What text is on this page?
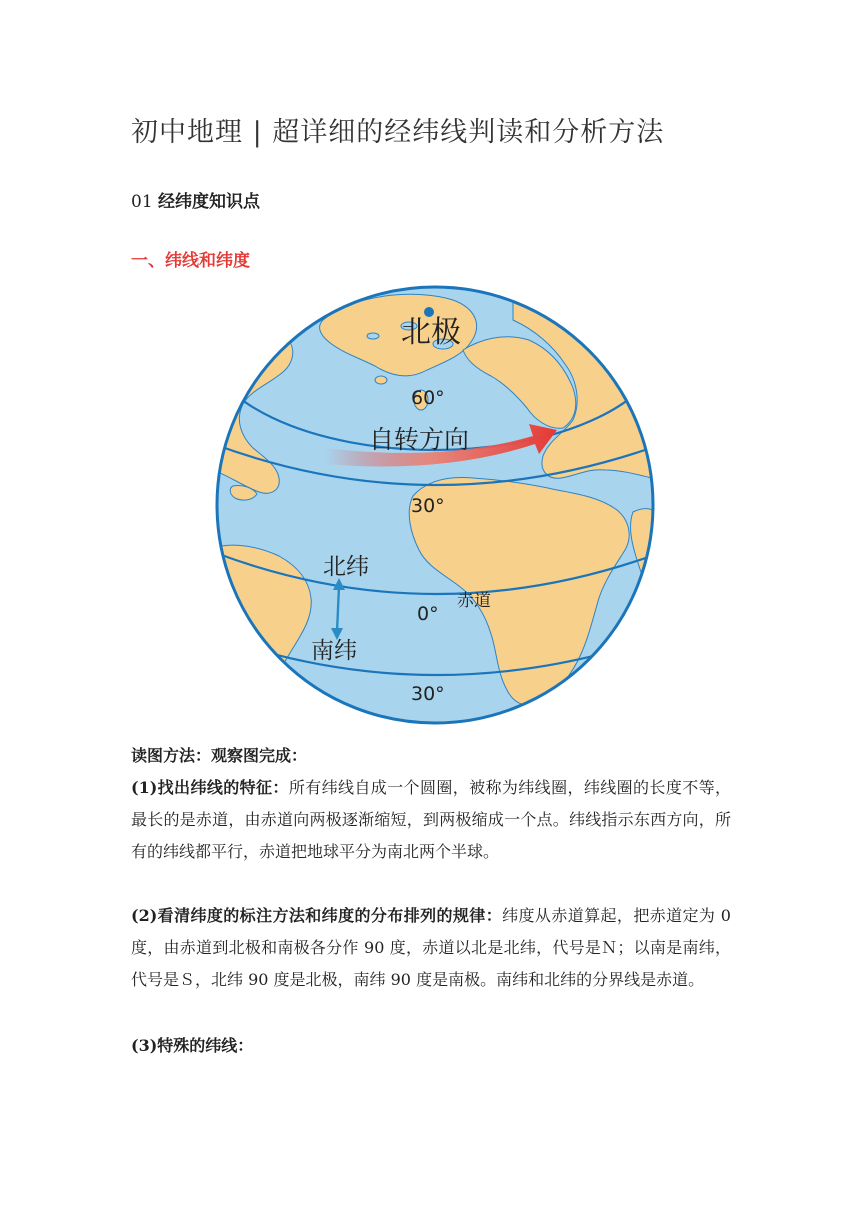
初中地理 | 超详细的经纬线判读和分析方法
01 经纬度知识点
一、纬线和纬度
北极
60°
自转方向
30°
北纬
0°
赤道
南纬
30°
读图方法：观察图完成：
(1)找出纬线的特征：所有纬线自成一个圆圈，被称为纬线圈，纬线圈的长度不等，最长的是赤道，由赤道向两极逐渐缩短，到两极缩成一个点。纬线指示东西方向，所有的纬线都平行，赤道把地球平分为南北两个半球。
(2)看清纬度的标注方法和纬度的分布排列的规律：纬度从赤道算起，把赤道定为 0 度，由赤道到北极和南极各分作 90 度，赤道以北是北纬，代号是Ｎ；以南是南纬，代号是Ｓ，北纬 90 度是北极，南纬 90 度是南极。南纬和北纬的分界线是赤道。
(3)特殊的纬线：
